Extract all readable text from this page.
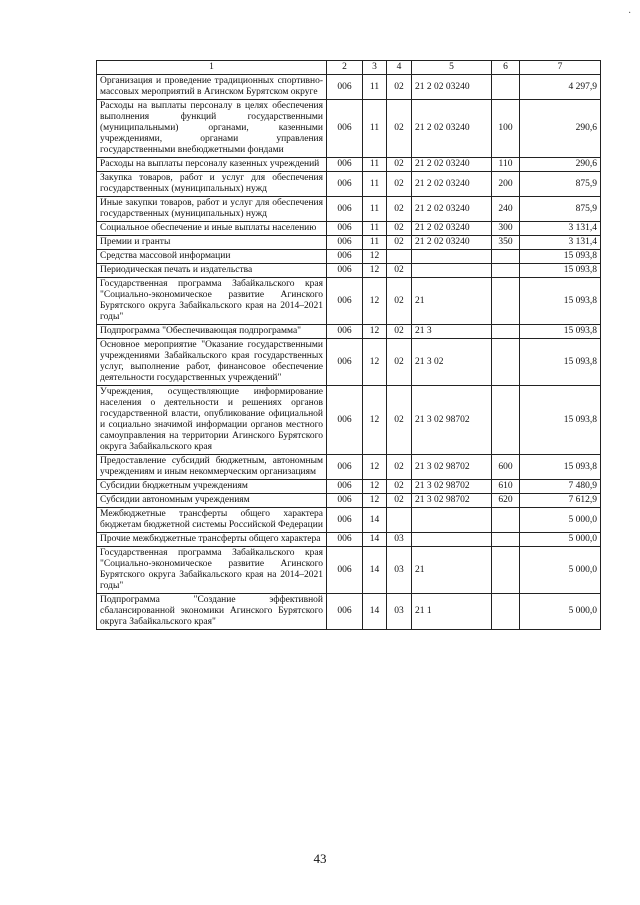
·
1	2	3	4	5	6	7
Организация и проведение традиционных спортивно-массовых мероприятий в Агинском Бурятском округе	006	11	02	21 2 02 03240		4 297,9
Расходы на выплаты персоналу в целях обеспечения выполнения функций государственными (муниципальными) органами, казенными учреждениями, органами управления государственными внебюджетными фондами	006	11	02	21 2 02 03240	100	290,6
Расходы на выплаты персоналу казенных учреждений	006	11	02	21 2 02 03240	110	290,6
Закупка товаров, работ и услуг для обеспечения государственных (муниципальных) нужд	006	11	02	21 2 02 03240	200	875,9
Иные закупки товаров, работ и услуг для обеспечения государственных (муниципальных) нужд	006	11	02	21 2 02 03240	240	875,9
Социальное обеспечение и иные выплаты населению	006	11	02	21 2 02 03240	300	3 131,4
Премии и гранты	006	11	02	21 2 02 03240	350	3 131,4
Средства массовой информации	006	12				15 093,8
Периодическая печать и издательства	006	12	02			15 093,8
Государственная программа Забайкальского края "Социально-экономическое развитие Агинского Бурятского округа Забайкальского края на 2014–2021 годы"	006	12	02	21		15 093,8
Подпрограмма "Обеспечивающая подпрограмма"	006	12	02	21 3		15 093,8
Основное мероприятие "Оказание государственными учреждениями Забайкальского края государственных услуг, выполнение работ, финансовое обеспечение деятельности государственных учреждений"	006	12	02	21 3 02		15 093,8
Учреждения, осуществляющие информирование населения о деятельности и решениях органов государственной власти, опубликование официальной и социально значимой информации органов местного самоуправления на территории Агинского Бурятского округа Забайкальского края	006	12	02	21 3 02 98702		15 093,8
Предоставление субсидий бюджетным, автономным учреждениям и иным некоммерческим организациям	006	12	02	21 3 02 98702	600	15 093,8
Субсидии бюджетным учреждениям	006	12	02	21 3 02 98702	610	7 480,9
Субсидии автономным учреждениям	006	12	02	21 3 02 98702	620	7 612,9
Межбюджетные трансферты общего характера бюджетам бюджетной системы Российской Федерации	006	14				5 000,0
Прочие межбюджетные трансферты общего характера	006	14	03			5 000,0
Государственная программа Забайкальского края "Социально-экономическое развитие Агинского Бурятского округа Забайкальского края на 2014–2021 годы"	006	14	03	21		5 000,0
Подпрограмма "Создание эффективной сбалансированной экономики Агинского Бурятского округа Забайкальского края"	006	14	03	21 1		5 000,0
43
